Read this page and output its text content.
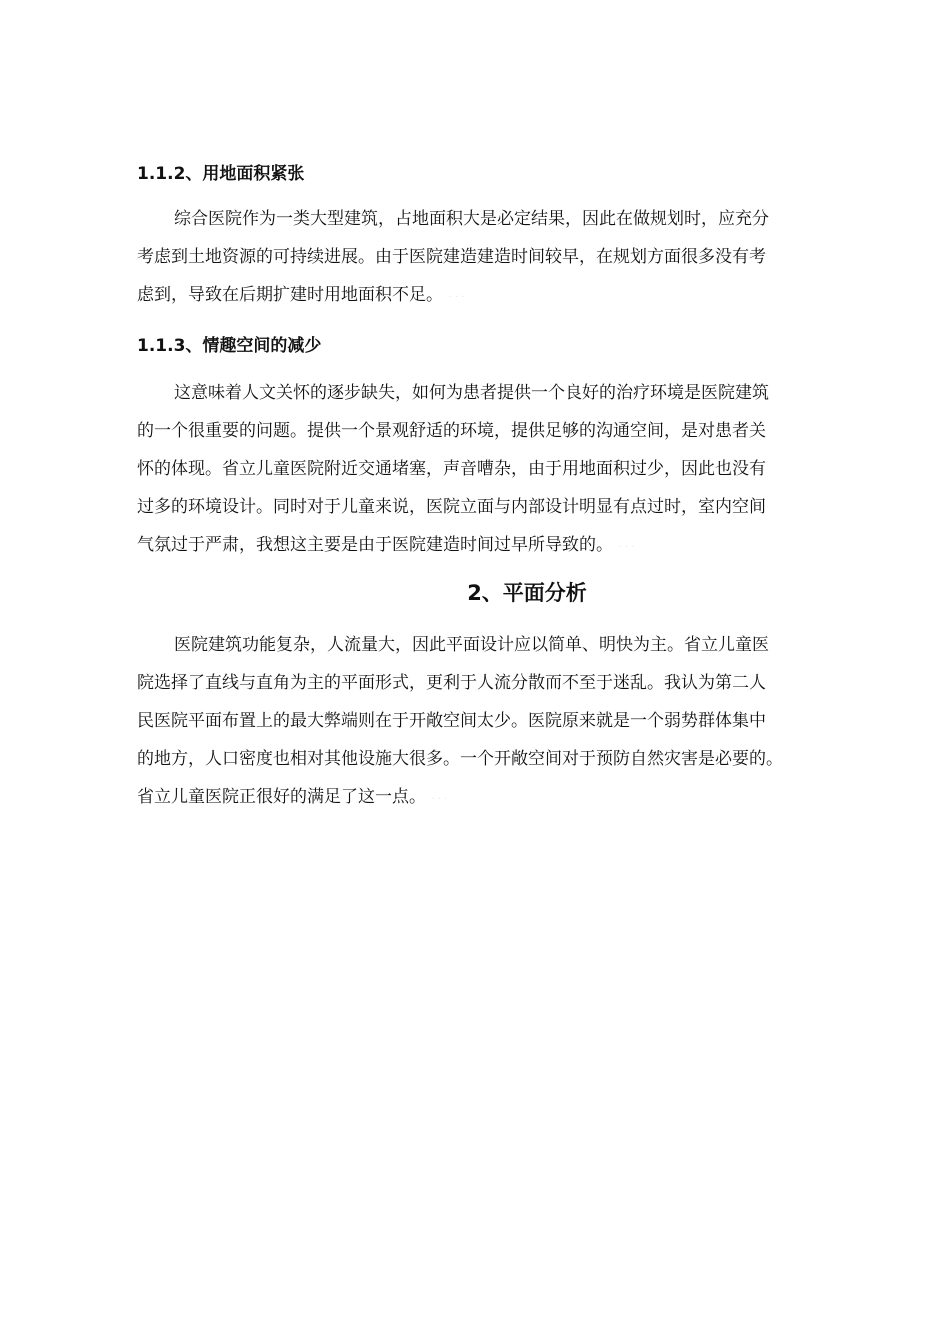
1.1.2、用地面积紧张
综合医院作为一类大型建筑，占地面积大是必定结果，因此在做规划时，应充分
考虑到土地资源的可持续进展。由于医院建造建造时间较早，在规划方面很多没有考
虑到，导致在后期扩建时用地面积不足。 · · ·
1.1.3、情趣空间的减少
这意味着人文关怀的逐步缺失，如何为患者提供一个良好的治疗环境是医院建筑
的一个很重要的问题。提供一个景观舒适的环境，提供足够的沟通空间，是对患者关
怀的体现。省立儿童医院附近交通堵塞，声音嘈杂，由于用地面积过少，因此也没有
过多的环境设计。同时对于儿童来说，医院立面与内部设计明显有点过时，室内空间
气氛过于严肃，我想这主要是由于医院建造时间过早所导致的。 · · ·
2、平面分析
医院建筑功能复杂，人流量大，因此平面设计应以简单、明快为主。省立儿童医
院选择了直线与直角为主的平面形式，更利于人流分散而不至于迷乱。我认为第二人
民医院平面布置上的最大弊端则在于开敞空间太少。医院原来就是一个弱势群体集中
的地方，人口密度也相对其他设施大很多。一个开敞空间对于预防自然灾害是必要的。
省立儿童医院正很好的满足了这一点。 · · ·
